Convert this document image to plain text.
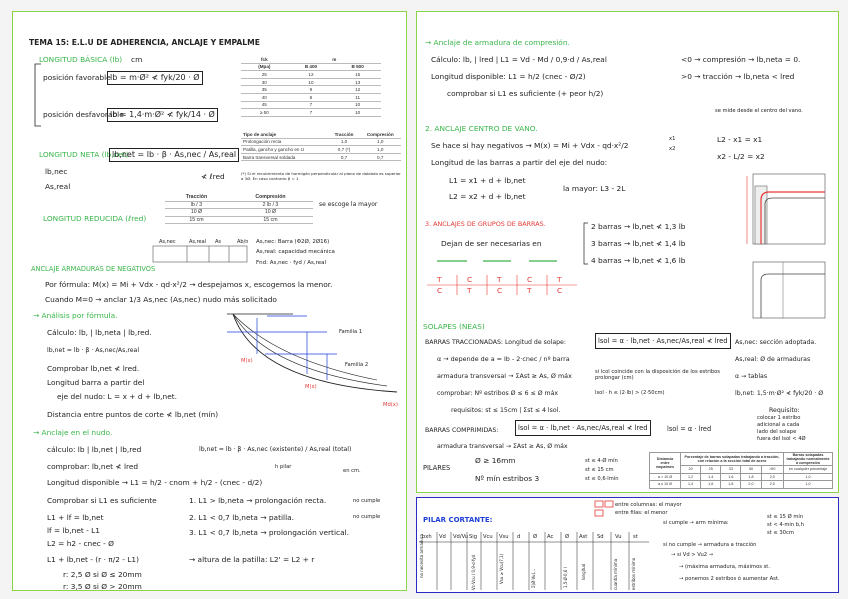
TEMA 15: E.L.U DE ADHERENCIA, ANCLAJE Y EMPALME
LONGITUD BÁSICA (lb) cm
posición favorable lb = m·Ø² ≮ fyk/20 · Ø
posición desfavorable
lb = 1,4·m·Ø² ≮ fyk/14 · Ø
fck	m	
(Mpa)	B 400	B 500
25	12	15
30	10	13
35	9	12
40	8	11
45	7	10
≥ 50	7	10
LONGITUD NETA (lb,net)
lb,net = lb · β · As,nec / As,real
lb,nec
As,real
≮ ℓred
Tipo de anclaje	Tracción	Compresión
Prolongación recta	1,0	1,0
Patilla, gancho y gancho en U	0,7 (*)	1,0
Barra transversal soldada	0,7	0,7
(*) Si el recubrimiento de hormigón perpendicular al plano de doblado es superior a 3Ø. En caso contrario β = 1
LONGITUD REDUCIDA (ℓred)
Tracción	Compresión
lb / 3	2 lb / 3
10 Ø	10 Ø
15 cm	15 cm
se escoge la mayor
As,nec	As,real As	Ab/n As,nec: Barra (Φ2Ø, 2Ø16)
As,real: capacidad mecánica
Fnd: As,nec · fyd / As,real
ANCLAJE ARMADURAS DE NEGATIVOS
Por fórmula: M(x) = Mi + Vdx - qd·x²/2 → despejamos x, escogemos la menor.
Cuando M=0 → anclar 1/3 As,nec (As,nec) nudo más solicitado
→ Análisis por fórmula.
Cálculo: lb, | lb,neta | lb,red.
lb,net = lb · β · As,nec/As,real
Comprobar lb,net ≮ lred.
Longitud barra a partir del
eje del nudo: L = x + d + lb,net.
Distancia entre puntos de corte ≮ lb,net (mín)
Familia 1
Familia 2
M(x)
M(x)
Md(x)
→ Anclaje en el nudo.
cálculo: lb | lb,net | lb,red	lb,net = lb · β · As,nec (existente) / As,real (total)
comprobar: lb,net ≮ lred	h pilar
en cm.
Longitud disponible → L1 = h/2 - cnom + h/2 - (cnec - d/2)
Comprobar si L1 es suficiente	1. L1 > lb,neta → prolongación recta.	no cumple
L1 + lf = lb,net	2. L1 < 0,7 lb,neta → patilla.	no cumple
lf = lb,net - L1	3. L1 < 0,7 lb,neta → prolongación vertical.
L2 = h2 - cnec - Ø
L1 + lb,net - (r · π/2 - L1)	→ altura de la patilla: L2' = L2 + r
r: 2,5 Ø si Ø ≤ 20mm
r: 3,5 Ø si Ø > 20mm
→ Anclaje de armadura de compresión.
Cálculo: lb, | lred | L1 = Vd - Md / 0,9·d / As,real	<0 → compresión → lb,neta = 0.
Longitud disponible: L1 = h/2 (cnec - Ø/2)	>0 → tracción → lb,neta < lred
comprobar si L1 es suficiente (+ peor h/2)
2. ANCLAJE CENTRO DE VANO.
se mide desde el centro del vano.
Se hace si hay negativos → M(x) = Mi + Vdx - qd·x²/2
x1
x2
L2 - x1 = x1
x2 - L/2 = x2
Longitud de las barras a partir del eje del nudo:
L1 = x1 + d + lb,net
L2 = x2 + d + lb,net
la mayor: L3 - 2L
3. ANCLAJES DE GRUPOS DE BARRAS.
Dejan de ser necesarias en
2 barras → lb,net ≮ 1,3 lb
3 barras → lb,net ≮ 1,4 lb
4 barras → lb,net ≮ 1,6 lb
T	C	T	C	T
C	T	C	T	C
SOLAPES (NEAS)
BARRAS TRACCIONADAS: Longitud de solape:	lsol = α · lb,net · As,nec/As,real ≮ lred	As,nec: sección adoptada.
α → depende de a = lb - 2·cnec / nº barra	As,real: Ø de armaduras
armadura transversal → ΣAst ≥ As, Ø máx	si lcol coincide con la disposición de los estribos prolongar (cm)	α → tablas
comprobar: Nº estribos Ø ≤ 6 ≤ Ø máx	lsol · h ≤ (2·lb) > (2·50cm)	lb,net: 1,5·m·Ø² ≮ fyk/20 · Ø
requisitos: st ≤ 15cm | Σst ≤ 4 lsol.	Requisito:
BARRAS COMPRIMIDAS:	lsol = α · lb,net · As,nec/As,real ≮ lred	lsol = α · lred
colocar 1 estribo
adicional a cada
lado del solape
fuera del lsol < 4Ø
armadura transversal → ΣAst ≥ As, Ø máx
PILARES
Ø ≥ 16mm
Nº mín estribos 3
st ≤ 4·Ø mín
st ≤ 15 cm
st ≤ 0,6·lmín
Distancia entre empalmes	Porcentaje de barras solapadas trabajando a tracción, con relación a la sección total de acero					Barras solapadas trabajando normalmente a compresión
	20	25	33	50	>50	en cualquier porcentaje
a > 10 Ø	1,2	1,4	1,6	1,8	2,0	1,0
a ≤ 10 Ø	1,4	1,6	1,8	2,0	2,0	1,0
PILAR CORTANTE:
entre columnas: el mayor
entre filas: el menor
bxh Vd Vd/Vu Sig Vcu Vsu d Ø Ac Ø Ast Sd Vu st
no necesita armadura	Vc-Vcu / 0,9·d·fyd	Vsu ≥ Vcu(7,1)	Σ(Ø·Vu)...	1,5·Ø·0,6 l	longitud	cuantía mínima	estribos mínimo
si cumple → arm mínima:
st ≤ 15 Ø mín
st < 4·min b,h
st ≤ 30cm
si no cumple → armadura a tracción
→ si Vd > Vu2 →
→ (máxima armadura, máximos st.
→ ponemos 2 estribos ó aumentar Ast.
